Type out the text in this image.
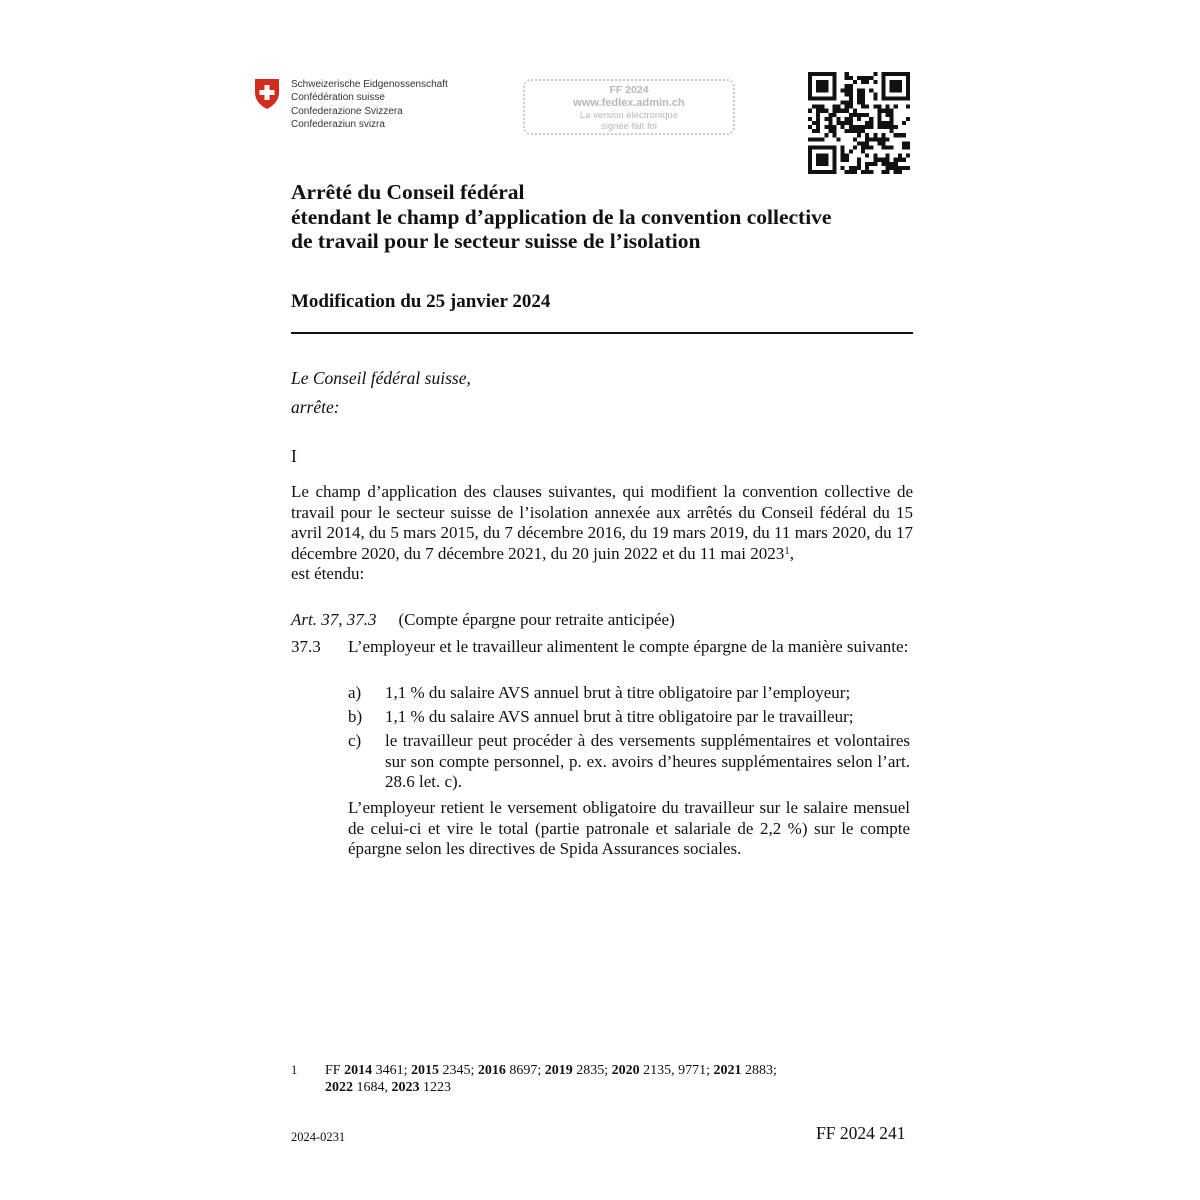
Schweizerische Eidgenossenschaft
Confédération suisse
Confederazione Svizzera
Confederaziun svizra
FF 2024
www.fedlex.admin.ch
La version électronique
signée fait foi
Arrêté du Conseil fédéral
étendant le champ d’application de la convention collective
de travail pour le secteur suisse de l’isolation
Modification du 25 janvier 2024
Le Conseil fédéral suisse,
arrête:
I
Le champ d’application des clauses suivantes, qui modifient la convention collective de travail pour le secteur suisse de l’isolation annexée aux arrêtés du Conseil fédéral du 15 avril 2014, du 5 mars 2015, du 7 décembre 2016, du 19 mars 2019, du 11 mars 2020, du 17 décembre 2020, du 7 décembre 2021, du 20 juin 2022 et du 11 mai 2023$^1$,
est étendu:
Art. 37, 37.3 (Compte épargne pour retraite anticipée)
37.3 L’employeur et le travailleur alimentent le compte épargne de la manière suivante:
a) 1,1 % du salaire AVS annuel brut à titre obligatoire par l’employeur;
b) 1,1 % du salaire AVS annuel brut à titre obligatoire par le travailleur;
c) le travailleur peut procéder à des versements supplémentaires et volontaires sur son compte personnel, p. ex. avoirs d’heures supplémentaires selon l’art. 28.6 let. c).
L’employeur retient le versement obligatoire du travailleur sur le salaire mensuel de celui-ci et vire le total (partie patronale et salariale de 2,2 %) sur le compte épargne selon les directives de Spida Assurances sociales.
1 FF 2014 3461; 2015 2345; 2016 8697; 2019 2835; 2020 2135, 9771; 2021 2883;
2022 1684, 2023 1223
2024-0231	FF 2024 241
